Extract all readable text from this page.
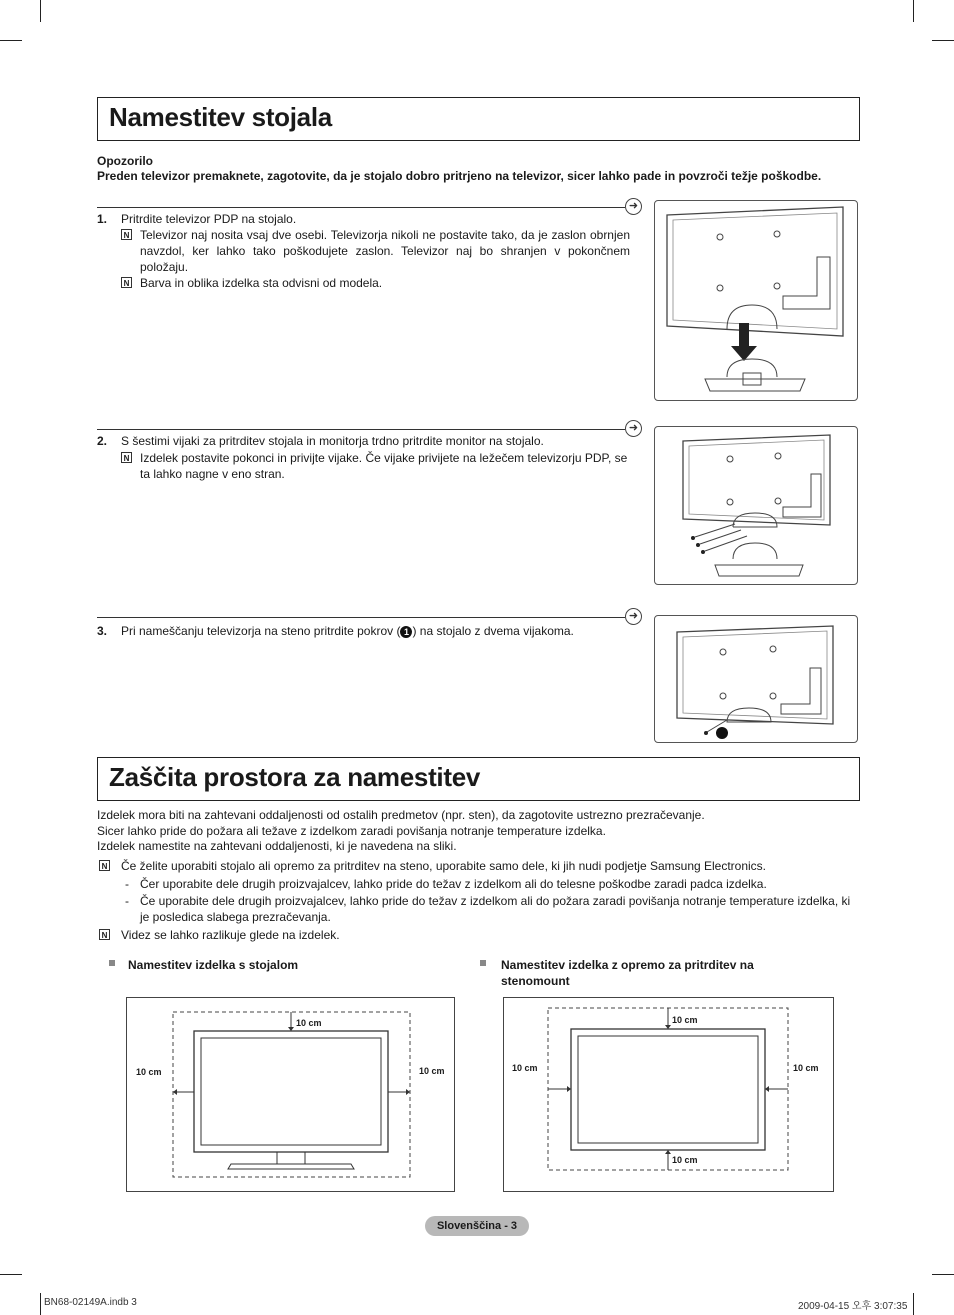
Namestitev stojala

Opozorilo

Preden televizor premaknete, zagotovite, da je stojalo dobro pritrjeno na televizor, sicer lahko pade in povzroči težje poškodbe.

➜

1. Pritrdite televizor PDP na stojalo.

N Televizor naj nosita vsaj dve osebi. Televizorja nikoli ne postavite tako, da je zaslon obrnjen navzdol, ker lahko tako poškodujete zaslon. Televizor naj bo shranjen v pokončnem položaju.

N Barva in oblika izdelka sta odvisni od modela.

➜

2. S šestimi vijaki za pritrditev stojala in monitorja trdno pritrdite monitor na stojalo.

N Izdelek postavite pokonci in privijte vijake. Če vijake privijete na ležečem televizorju PDP, se ta lahko nagne v eno stran.

➜

3. Pri nameščanju televizorja na steno pritrdite pokrov ( 1 ) na stojalo z dvema vijakoma.

Zaščita prostora za namestitev

Izdelek mora biti na zahtevani oddaljenosti od ostalih predmetov (npr. sten), da zagotovite ustrezno prezračevanje.

Sicer lahko pride do požara ali težave z izdelkom zaradi povišanja notranje temperature izdelka.

Izdelek namestite na zahtevani oddaljenosti, ki je navedena na sliki.

N Če želite uporabiti stojalo ali opremo za pritrditev na steno, uporabite samo dele, ki jih nudi podjetje Samsung Electronics.

- Čer uporabite dele drugih proizvajalcev, lahko pride do težav z izdelkom ali do telesne poškodbe zaradi padca izdelka.

- Če uporabite dele drugih proizvajalcev, lahko pride do težav z izdelkom ali do požara zaradi povišanja notranje temperature izdelka, ki je posledica slabega prezračevanja.

N Videz se lahko razlikuje glede na izdelek.

Namestitev izdelka s stojalom	Namestitev izdelka z opremo za pritrditev na stenomount

10 cm
10 cm	10 cm
10 cm
10 cm
10 cm	10 cm
Slovenščina - 3
BN68-02149A.indb 3	2009-04-15 오후 3:07:35
